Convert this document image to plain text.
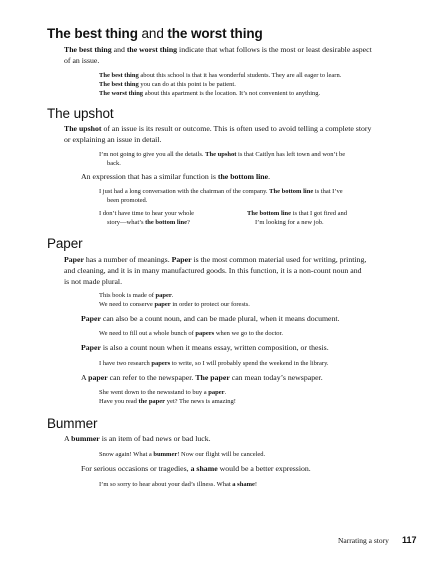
The best thing and the worst thing

The best thing and the worst thing indicate that what follows is the most or least desirable aspect

of an issue.

The best thing about this school is that it has wonderful students. They are all eager to learn.

The best thing you can do at this point is be patient.

The worst thing about this apartment is the location. It’s not convenient to anything.

The upshot

The upshot of an issue is its result or outcome. This is often used to avoid telling a complete story

or explaining an issue in detail.

I’m not going to give you all the details. The upshot is that Caitlyn has left town and won’t be

back.

An expression that has a similar function is the bottom line.

I just had a long conversation with the chairman of the company. The bottom line is that I’ve

been promoted.

I don’t have time to hear your whole

story—what’s the bottom line?

The bottom line is that I got fired and

I’m looking for a new job.

Paper

Paper has a number of meanings. Paper is the most common material used for writing, printing,

and cleaning, and it is in many manufactured goods. In this function, it is a non-count noun and

is not made plural.

This book is made of paper.

We need to conserve paper in order to protect our forests.

Paper can also be a count noun, and can be made plural, when it means document.

We need to fill out a whole bunch of papers when we go to the doctor.

Paper is also a count noun when it means essay, written composition, or thesis.

I have two research papers to write, so I will probably spend the weekend in the library.

A paper can refer to the newspaper. The paper can mean today’s newspaper.

She went down to the newsstand to buy a paper.

Have you read the paper yet? The news is amazing!

Bummer

A bummer is an item of bad news or bad luck.

Snow again! What a bummer! Now our flight will be canceled.

For serious occasions or tragedies, a shame would be a better expression.

I’m so sorry to hear about your dad’s illness. What a shame!

Narrating a story 117
